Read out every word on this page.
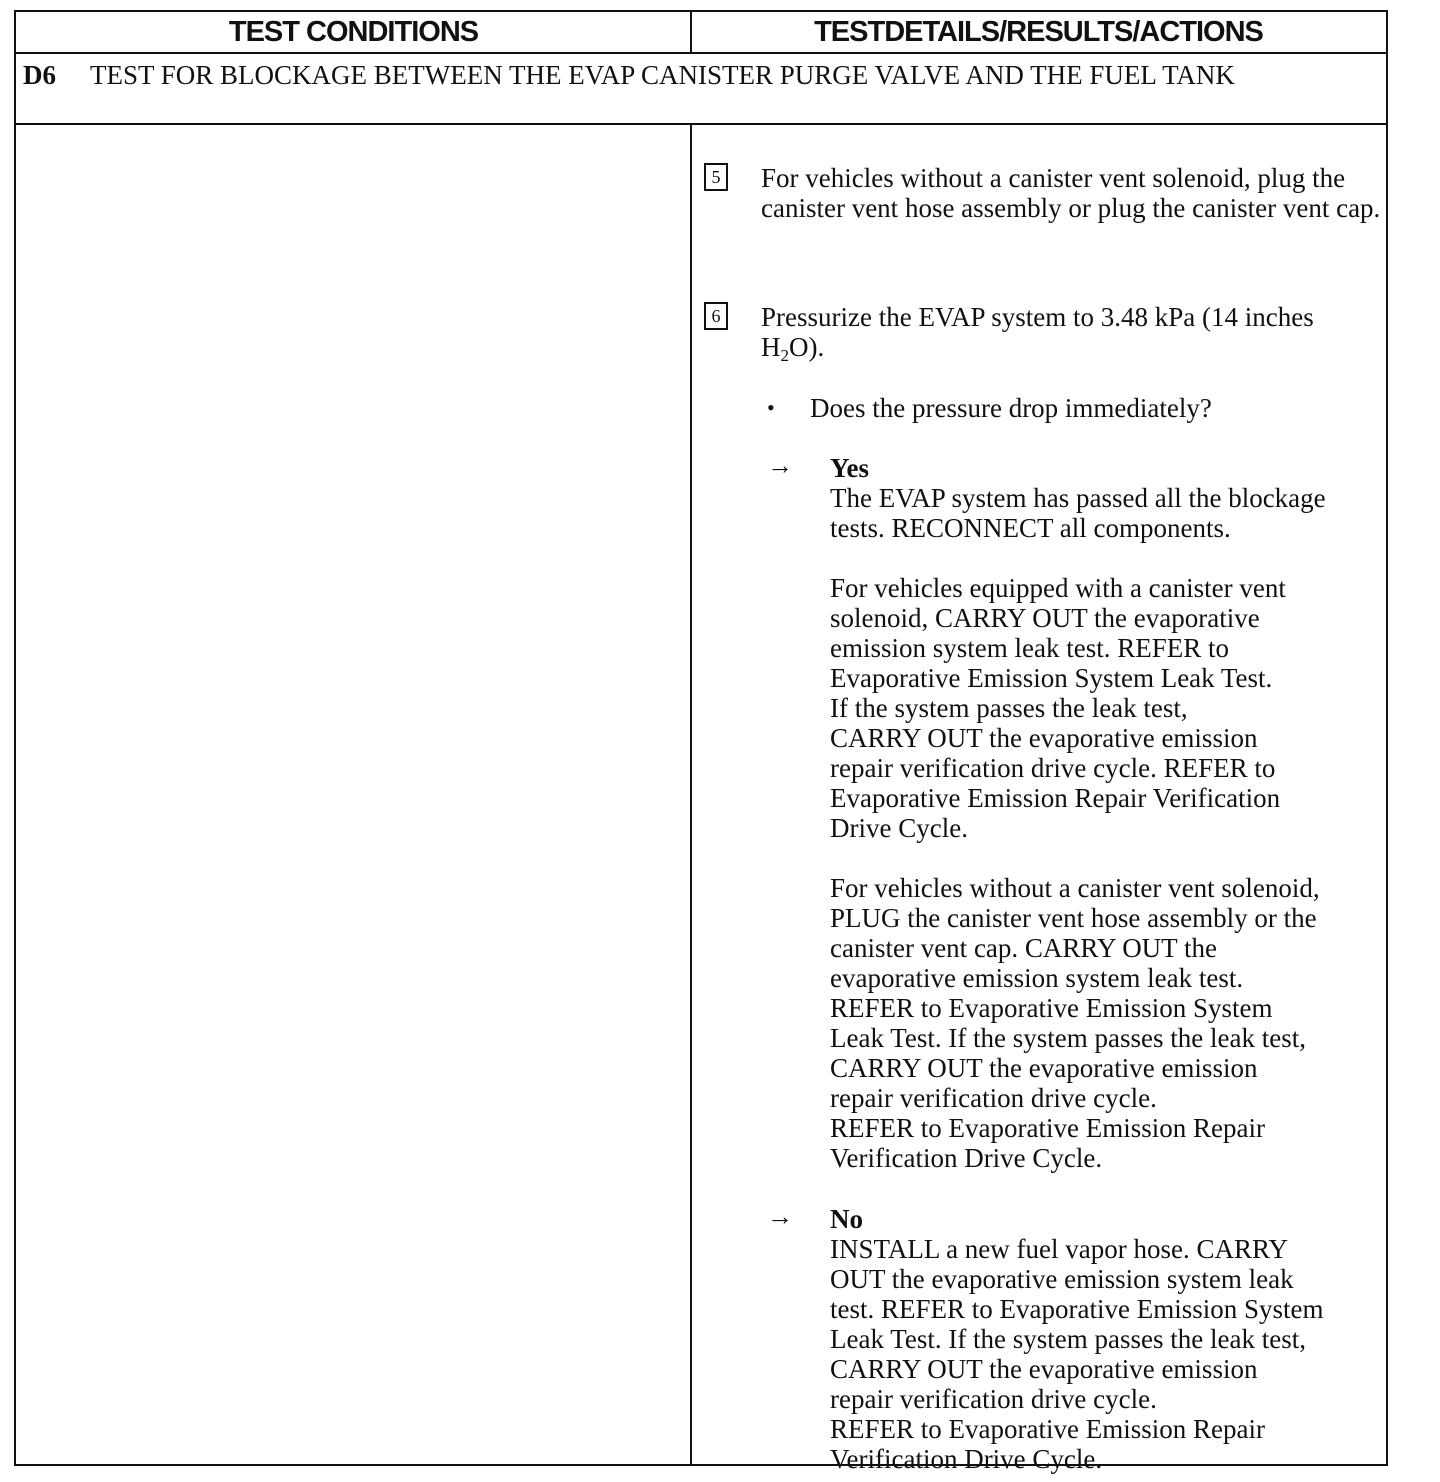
TEST CONDITIONS	TESTDETAILS/RESULTS/ACTIONS
D6 TEST FOR BLOCKAGE BETWEEN THE EVAP CANISTER PURGE VALVE AND THE FUEL TANK
5 For vehicles without a canister vent solenoid, plug the canister vent hose assembly or plug the canister vent cap.
6 Pressurize the EVAP system to 3.48 kPa (14 inches $H_2O$).
• Does the pressure drop immediately?
→ Yes
The EVAP system has passed all the blockage
tests. RECONNECT all components.
For vehicles equipped with a canister vent
solenoid, CARRY OUT the evaporative
emission system leak test. REFER to
Evaporative Emission System Leak Test.
If the system passes the leak test,
CARRY OUT the evaporative emission
repair verification drive cycle. REFER to
Evaporative Emission Repair Verification
Drive Cycle.
For vehicles without a canister vent solenoid,
PLUG the canister vent hose assembly or the
canister vent cap. CARRY OUT the
evaporative emission system leak test.
REFER to Evaporative Emission System
Leak Test. If the system passes the leak test,
CARRY OUT the evaporative emission
repair verification drive cycle.
REFER to Evaporative Emission Repair
Verification Drive Cycle.
→ No
INSTALL a new fuel vapor hose. CARRY
OUT the evaporative emission system leak
test. REFER to Evaporative Emission System
Leak Test. If the system passes the leak test,
CARRY OUT the evaporative emission
repair verification drive cycle.
REFER to Evaporative Emission Repair
Verification Drive Cycle.
